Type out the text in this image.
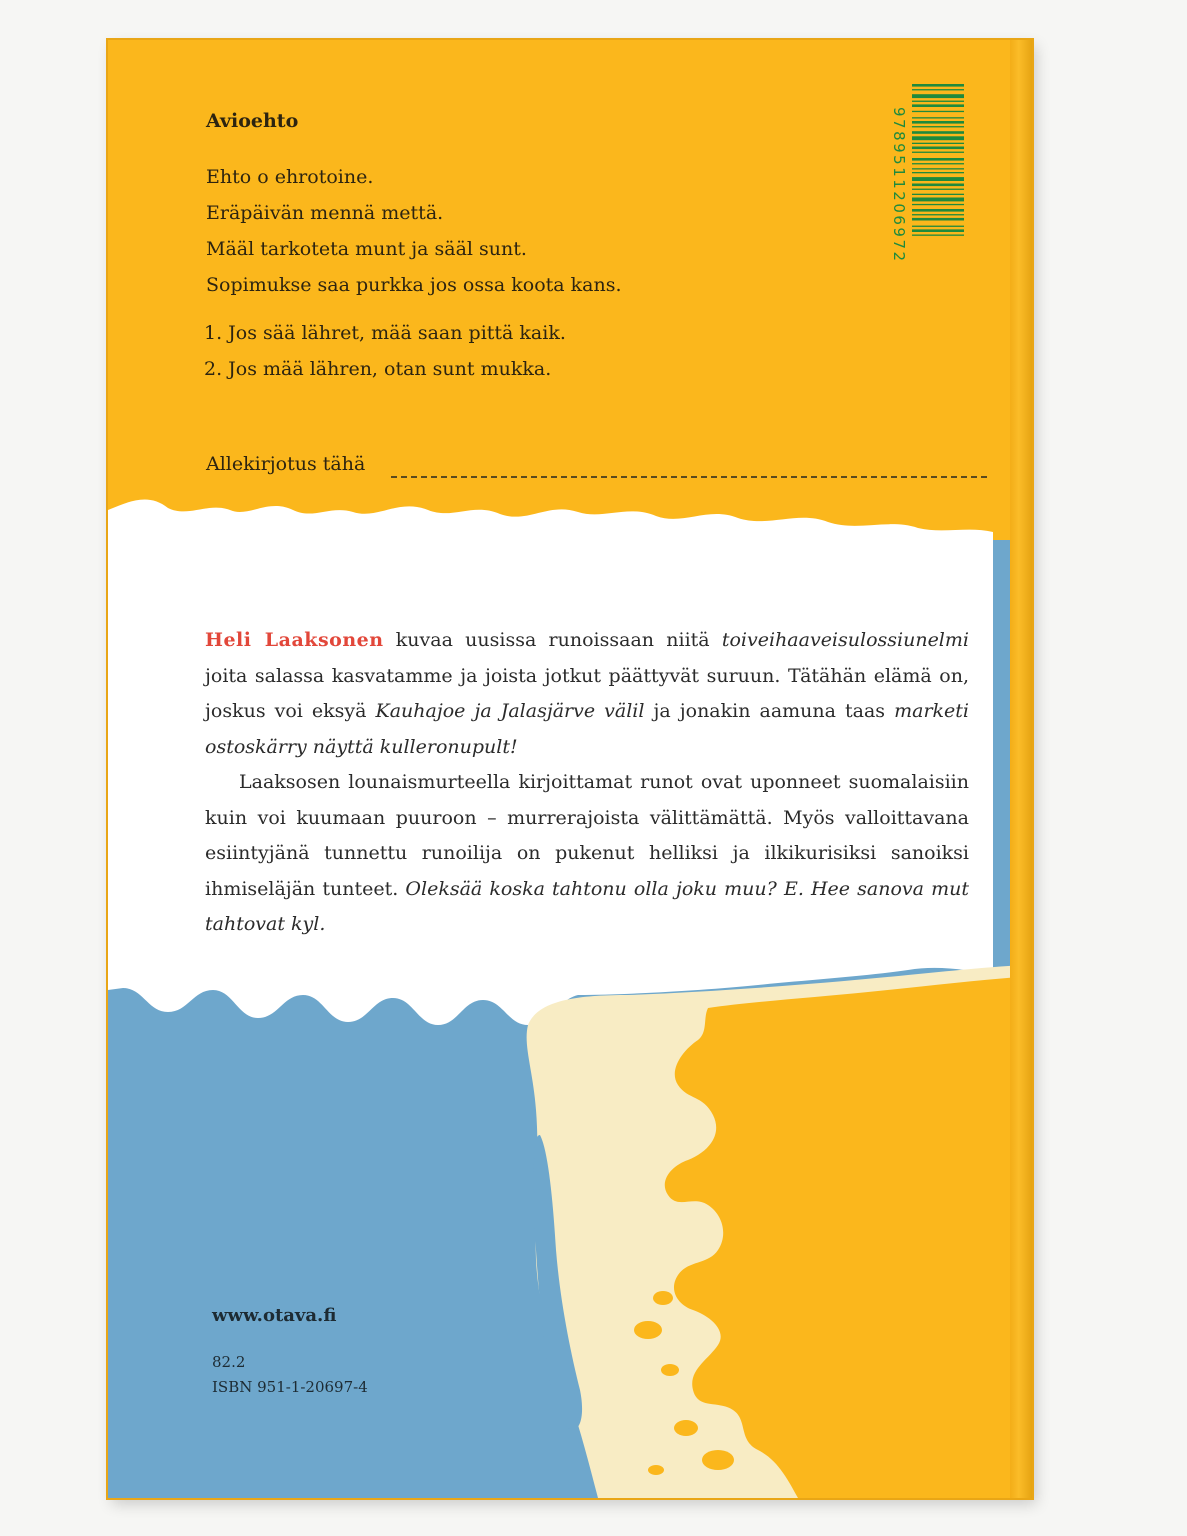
Avioehto
Ehto o ehrotoine.
Eräpäivän mennä mettä.
Määl tarkoteta munt ja sääl sunt.
Sopimukse saa purkka jos ossa koota kans.
1. Jos sää lähret, mää saan pittä kaik.
2. Jos mää lähren, otan sunt mukka.
Allekirjotus tähä
9789511206972

Heli Laaksonen kuvaa uusissa runoissaan niitä toiveihaaveisulossiunelmi joita salassa kasvatamme ja joista jotkut päättyvät suruun. Tätähän elämä on, joskus voi eksyä Kauhajoe ja Jalasjärve välil ja jonakin aamuna taas marketi ostoskärry näyttä kulleronupult!

Laaksosen lounaismurteella kirjoittamat runot ovat uponneet suomalaisiin kuin voi kuumaan puuroon – murrerajoista välittämättä. Myös valloittavana esiintyjänä tunnettu runoilija on pukenut helliksi ja ilkikurisiksi sanoiksi ihmiseläjän tunteet. Oleksää koska tahtonu olla joku muu? E. Hee sanova mut tahtovat kyl.

www.otava.fi
82.2
ISBN 951-1-20697-4
